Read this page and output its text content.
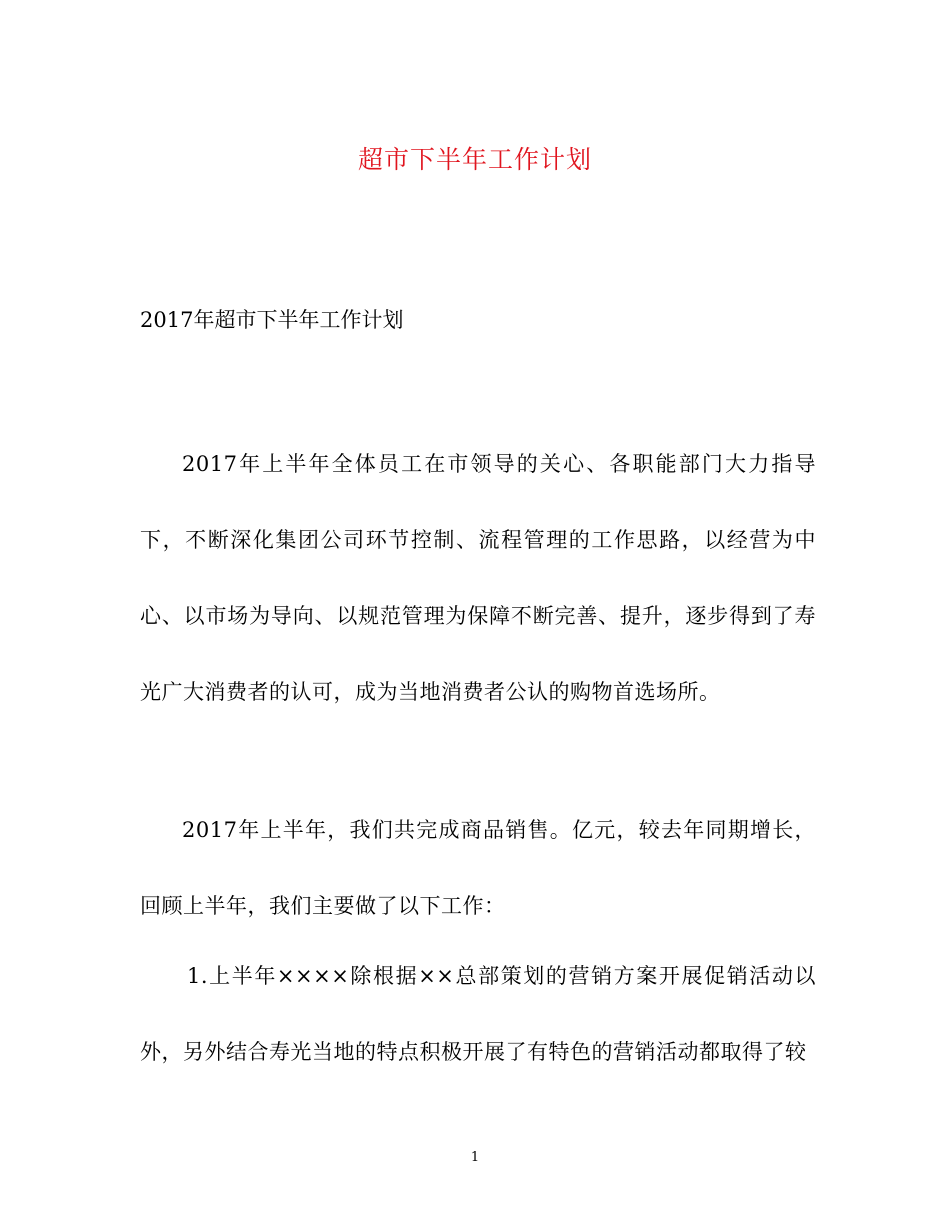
超市下半年工作计划
2017年超市下半年工作计划

2017年上半年全体员工在市领导的关心、各职能部门大力指导下，不断深化集团公司环节控制、流程管理的工作思路，以经营为中心、以市场为导向、以规范管理为保障不断完善、提升，逐步得到了寿光广大消费者的认可，成为当地消费者公认的购物首选场所。

2017年上半年，我们共完成商品销售。亿元，较去年同期增长，回顾上半年，我们主要做了以下工作：

1.上半年××××除根据××总部策划的营销方案开展促销活动以外，另外结合寿光当地的特点积极开展了有特色的营销活动都取得了较

1
